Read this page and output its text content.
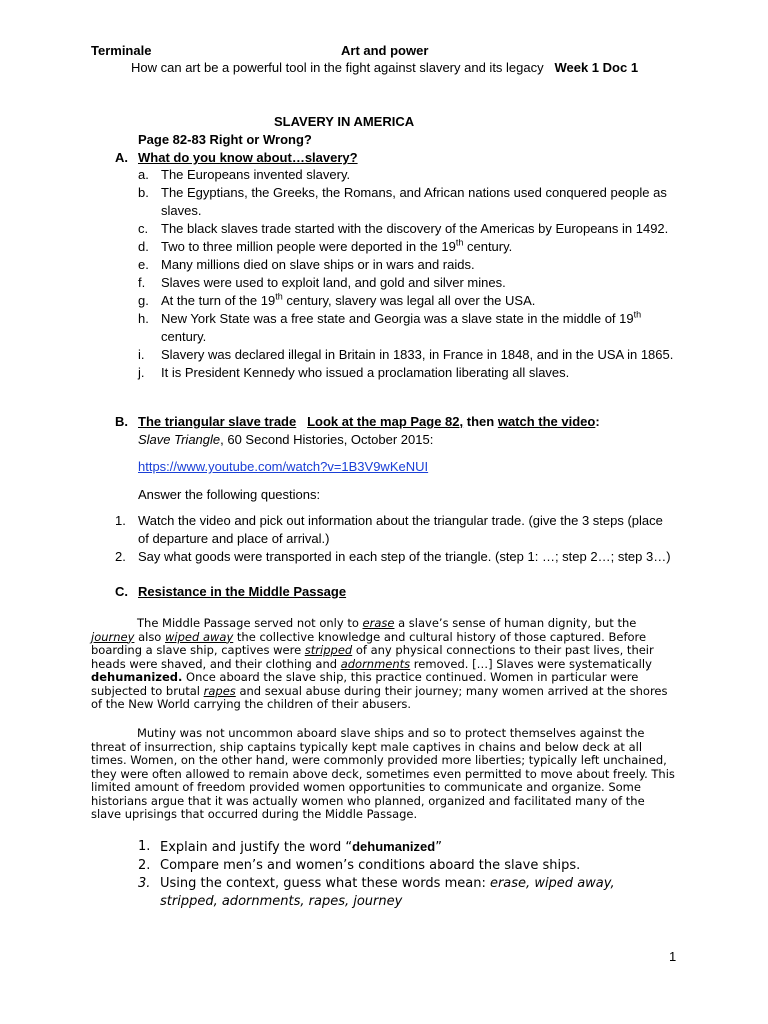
Terminale	Art and power
How can art be a powerful tool in the fight against slavery and its legacy Week 1 Doc 1
SLAVERY IN AMERICA
Page 82-83 Right or Wrong?
A. What do you know about…slavery?
a. The Europeans invented slavery.
b. The Egyptians, the Greeks, the Romans, and African nations used conquered people as
slaves.
c. The black slaves trade started with the discovery of the Americas by Europeans in 1492.
d. Two to three million people were deported in the 19th century.
e. Many millions died on slave ships or in wars and raids.
f.	Slaves were used to exploit land, and gold and silver mines.
g. At the turn of the 19th century, slavery was legal all over the USA.
h. New York State was a free state and Georgia was a slave state in the middle of 19th
century.
i.	Slavery was declared illegal in Britain in 1833, in France in 1848, and in the USA in 1865.
j.	It is President Kennedy who issued a proclamation liberating all slaves.
B. The triangular slave trade Look at the map Page 82, then watch the video:
Slave Triangle, 60 Second Histories, October 2015:
https://www.youtube.com/watch?v=1B3V9wKeNUI
Answer the following questions:
1. Watch the video and pick out information about the triangular trade. (give the 3 steps (place
of departure and place of arrival.)
2. Say what goods were transported in each step of the triangle. (step 1: …; step 2…; step 3…)
C. Resistance in the Middle Passage

The Middle Passage served not only to erase a slave’s sense of human dignity, but the journey also wiped away the collective knowledge and cultural history of those captured. Before boarding a slave ship, captives were stripped of any physical connections to their past lives, their heads were shaved, and their clothing and adornments removed. […] Slaves were systematically dehumanized. Once aboard the slave ship, this practice continued. Women in particular were subjected to brutal rapes and sexual abuse during their journey; many women arrived at the shores of the New World carrying the children of their abusers.

Mutiny was not uncommon aboard slave ships and so to protect themselves against the threat of insurrection, ship captains typically kept male captives in chains and below deck at all times. Women, on the other hand, were commonly provided more liberties; typically left unchained, they were often allowed to remain above deck, sometimes even permitted to move about freely. This limited amount of freedom provided women opportunities to communicate and organize. Some historians argue that it was actually women who planned, organized and facilitated many of the slave uprisings that occurred during the Middle Passage.

1. Explain and justify the word “dehumanized”
2. Compare men’s and women’s conditions aboard the slave ships.
3. Using the context, guess what these words mean: erase, wiped away, stripped, adornments, rapes, journey
1
